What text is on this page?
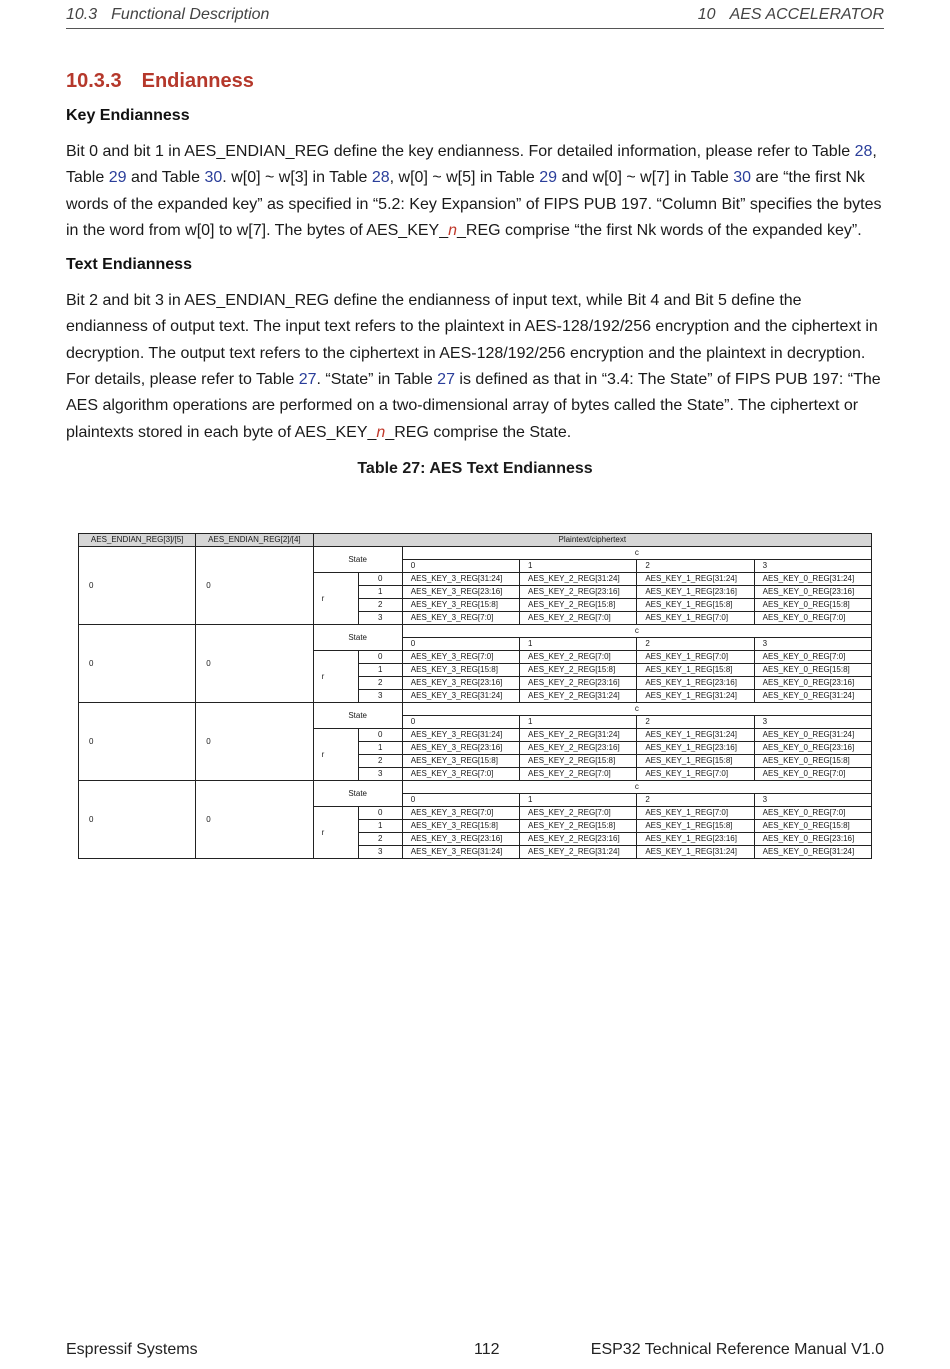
10.3 Functional Description	10 AES ACCELERATOR
10.3.3 Endianness
Key Endianness

Bit 0 and bit 1 in AES_ENDIAN_REG define the key endianness. For detailed information, please refer to Table 28, Table 29 and Table 30. w[0] ~ w[3] in Table 28, w[0] ~ w[5] in Table 29 and w[0] ~ w[7] in Table 30 are “the first Nk words of the expanded key” as specified in “5.2: Key Expansion” of FIPS PUB 197. “Column Bit” specifies the bytes in the word from w[0] to w[7]. The bytes of AES_KEY_n_REG comprise “the first Nk words of the expanded key”.

Text Endianness

Bit 2 and bit 3 in AES_ENDIAN_REG define the endianness of input text, while Bit 4 and Bit 5 define the endianness of output text. The input text refers to the plaintext in AES-128/192/256 encryption and the ciphertext in decryption. The output text refers to the ciphertext in AES-128/192/256 encryption and the plaintext in decryption. For details, please refer to Table 27. “State” in Table 27 is defined as that in “3.4: The State” of FIPS PUB 197: “The AES algorithm operations are performed on a two-dimensional array of bytes called the State”. The ciphertext or plaintexts stored in each byte of AES_KEY_n_REG comprise the State.

Table 27: AES Text Endianness
AES_ENDIAN_REG[3]/[5]	AES_ENDIAN_REG[2]/[4]	Plaintext/ciphertext					
0	0	State		c			
				0	1	2	3
		r	0	AES_KEY_3_REG[31:24]	AES_KEY_2_REG[31:24]	AES_KEY_1_REG[31:24]	AES_KEY_0_REG[31:24]
			1	AES_KEY_3_REG[23:16]	AES_KEY_2_REG[23:16]	AES_KEY_1_REG[23:16]	AES_KEY_0_REG[23:16]
			2	AES_KEY_3_REG[15:8]	AES_KEY_2_REG[15:8]	AES_KEY_1_REG[15:8]	AES_KEY_0_REG[15:8]
			3	AES_KEY_3_REG[7:0]	AES_KEY_2_REG[7:0]	AES_KEY_1_REG[7:0]	AES_KEY_0_REG[7:0]
0	0	State		c			
				0	1	2	3
		r	0	AES_KEY_3_REG[7:0]	AES_KEY_2_REG[7:0]	AES_KEY_1_REG[7:0]	AES_KEY_0_REG[7:0]
			1	AES_KEY_3_REG[15:8]	AES_KEY_2_REG[15:8]	AES_KEY_1_REG[15:8]	AES_KEY_0_REG[15:8]
			2	AES_KEY_3_REG[23:16]	AES_KEY_2_REG[23:16]	AES_KEY_1_REG[23:16]	AES_KEY_0_REG[23:16]
			3	AES_KEY_3_REG[31:24]	AES_KEY_2_REG[31:24]	AES_KEY_1_REG[31:24]	AES_KEY_0_REG[31:24]
0	0	State		c			
				0	1	2	3
		r	0	AES_KEY_3_REG[31:24]	AES_KEY_2_REG[31:24]	AES_KEY_1_REG[31:24]	AES_KEY_0_REG[31:24]
			1	AES_KEY_3_REG[23:16]	AES_KEY_2_REG[23:16]	AES_KEY_1_REG[23:16]	AES_KEY_0_REG[23:16]
			2	AES_KEY_3_REG[15:8]	AES_KEY_2_REG[15:8]	AES_KEY_1_REG[15:8]	AES_KEY_0_REG[15:8]
			3	AES_KEY_3_REG[7:0]	AES_KEY_2_REG[7:0]	AES_KEY_1_REG[7:0]	AES_KEY_0_REG[7:0]
0	0	State		c			
				0	1	2	3
		r	0	AES_KEY_3_REG[7:0]	AES_KEY_2_REG[7:0]	AES_KEY_1_REG[7:0]	AES_KEY_0_REG[7:0]
			1	AES_KEY_3_REG[15:8]	AES_KEY_2_REG[15:8]	AES_KEY_1_REG[15:8]	AES_KEY_0_REG[15:8]
			2	AES_KEY_3_REG[23:16]	AES_KEY_2_REG[23:16]	AES_KEY_1_REG[23:16]	AES_KEY_0_REG[23:16]
			3	AES_KEY_3_REG[31:24]	AES_KEY_2_REG[31:24]	AES_KEY_1_REG[31:24]	AES_KEY_0_REG[31:24]
Espressif Systems	112	ESP32 Technical Reference Manual V1.0
